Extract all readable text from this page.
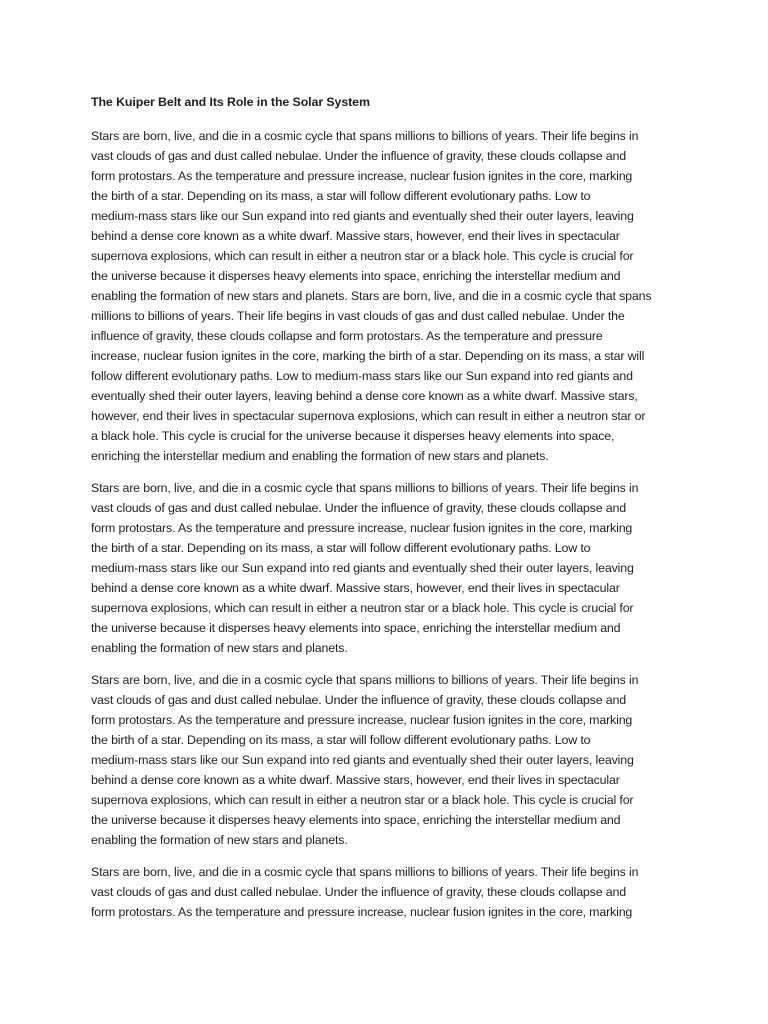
The Kuiper Belt and Its Role in the Solar System

Stars are born, live, and die in a cosmic cycle that spans millions to billions of years. Their life begins in
vast clouds of gas and dust called nebulae. Under the influence of gravity, these clouds collapse and
form protostars. As the temperature and pressure increase, nuclear fusion ignites in the core, marking
the birth of a star. Depending on its mass, a star will follow different evolutionary paths. Low to
medium-mass stars like our Sun expand into red giants and eventually shed their outer layers, leaving
behind a dense core known as a white dwarf. Massive stars, however, end their lives in spectacular
supernova explosions, which can result in either a neutron star or a black hole. This cycle is crucial for
the universe because it disperses heavy elements into space, enriching the interstellar medium and
enabling the formation of new stars and planets. Stars are born, live, and die in a cosmic cycle that spans
millions to billions of years. Their life begins in vast clouds of gas and dust called nebulae. Under the
influence of gravity, these clouds collapse and form protostars. As the temperature and pressure
increase, nuclear fusion ignites in the core, marking the birth of a star. Depending on its mass, a star will
follow different evolutionary paths. Low to medium-mass stars like our Sun expand into red giants and
eventually shed their outer layers, leaving behind a dense core known as a white dwarf. Massive stars,
however, end their lives in spectacular supernova explosions, which can result in either a neutron star or
a black hole. This cycle is crucial for the universe because it disperses heavy elements into space,
enriching the interstellar medium and enabling the formation of new stars and planets.

Stars are born, live, and die in a cosmic cycle that spans millions to billions of years. Their life begins in
vast clouds of gas and dust called nebulae. Under the influence of gravity, these clouds collapse and
form protostars. As the temperature and pressure increase, nuclear fusion ignites in the core, marking
the birth of a star. Depending on its mass, a star will follow different evolutionary paths. Low to
medium-mass stars like our Sun expand into red giants and eventually shed their outer layers, leaving
behind a dense core known as a white dwarf. Massive stars, however, end their lives in spectacular
supernova explosions, which can result in either a neutron star or a black hole. This cycle is crucial for
the universe because it disperses heavy elements into space, enriching the interstellar medium and
enabling the formation of new stars and planets.

Stars are born, live, and die in a cosmic cycle that spans millions to billions of years. Their life begins in
vast clouds of gas and dust called nebulae. Under the influence of gravity, these clouds collapse and
form protostars. As the temperature and pressure increase, nuclear fusion ignites in the core, marking
the birth of a star. Depending on its mass, a star will follow different evolutionary paths. Low to
medium-mass stars like our Sun expand into red giants and eventually shed their outer layers, leaving
behind a dense core known as a white dwarf. Massive stars, however, end their lives in spectacular
supernova explosions, which can result in either a neutron star or a black hole. This cycle is crucial for
the universe because it disperses heavy elements into space, enriching the interstellar medium and
enabling the formation of new stars and planets.

Stars are born, live, and die in a cosmic cycle that spans millions to billions of years. Their life begins in
vast clouds of gas and dust called nebulae. Under the influence of gravity, these clouds collapse and
form protostars. As the temperature and pressure increase, nuclear fusion ignites in the core, marking
